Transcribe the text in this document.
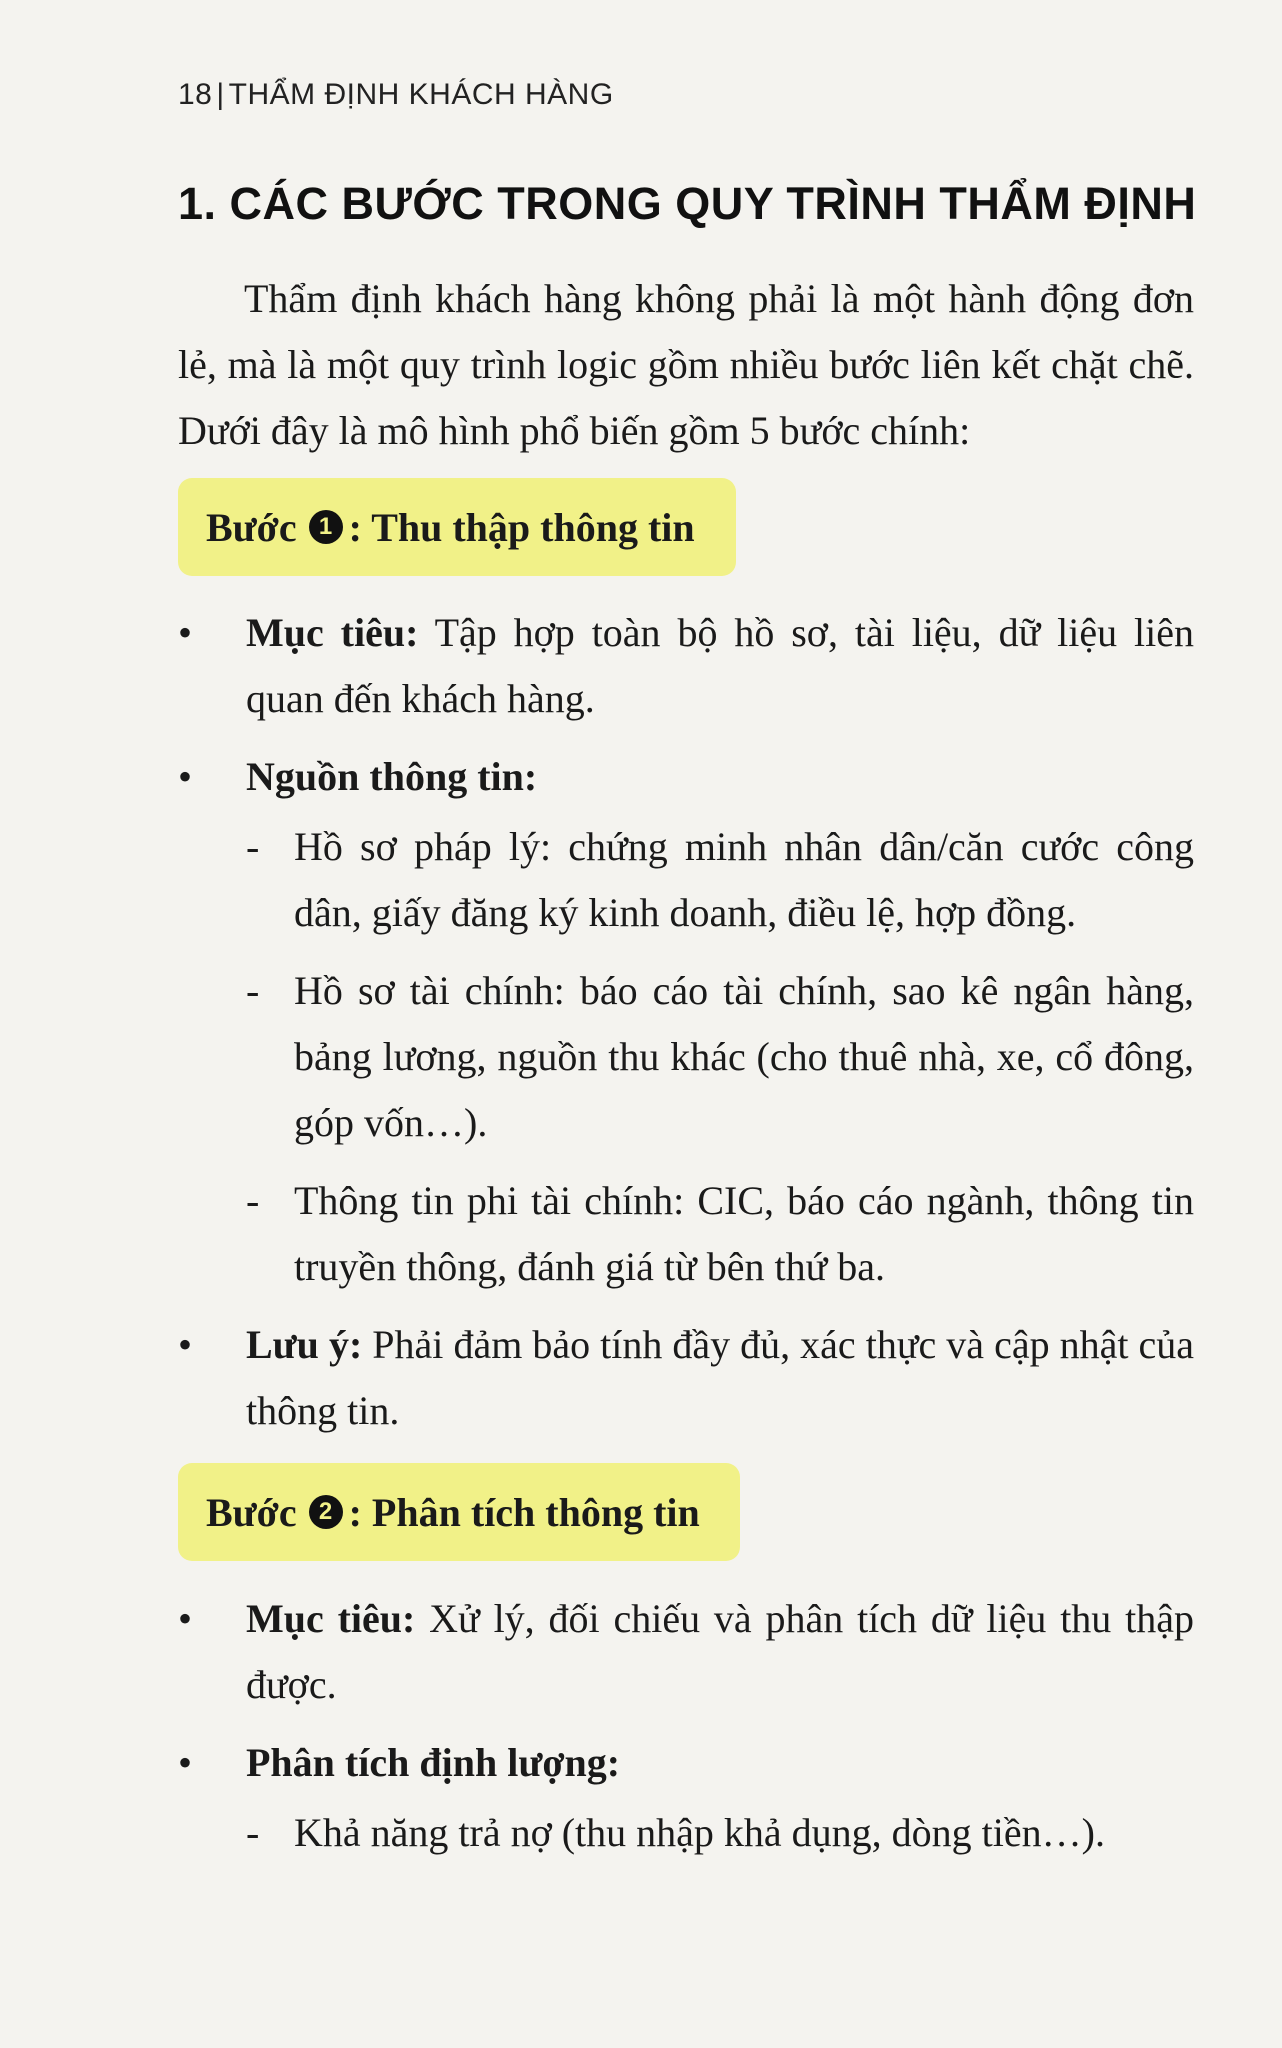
18 | THẨM ĐỊNH KHÁCH HÀNG
1. CÁC BƯỚC TRONG QUY TRÌNH THẨM ĐỊNH

Thẩm định khách hàng không phải là một hành động đơn lẻ, mà là một quy trình logic gồm nhiều bước liên kết chặt chẽ. Dưới đây là mô hình phổ biến gồm 5 bước chính:

Bước 1 : Thu thập thông tin
• Mục tiêu: Tập hợp toàn bộ hồ sơ, tài liệu, dữ liệu liên quan đến khách hàng.
• Nguồn thông tin:
- Hồ sơ pháp lý: chứng minh nhân dân/căn cước công dân, giấy đăng ký kinh doanh, điều lệ, hợp đồng.
- Hồ sơ tài chính: báo cáo tài chính, sao kê ngân hàng, bảng lương, nguồn thu khác (cho thuê nhà, xe, cổ đông, góp vốn…).
- Thông tin phi tài chính: CIC, báo cáo ngành, thông tin truyền thông, đánh giá từ bên thứ ba.
• Lưu ý: Phải đảm bảo tính đầy đủ, xác thực và cập nhật của thông tin.
Bước 2 : Phân tích thông tin
• Mục tiêu: Xử lý, đối chiếu và phân tích dữ liệu thu thập được.
• Phân tích định lượng:
- Khả năng trả nợ (thu nhập khả dụng, dòng tiền…).
